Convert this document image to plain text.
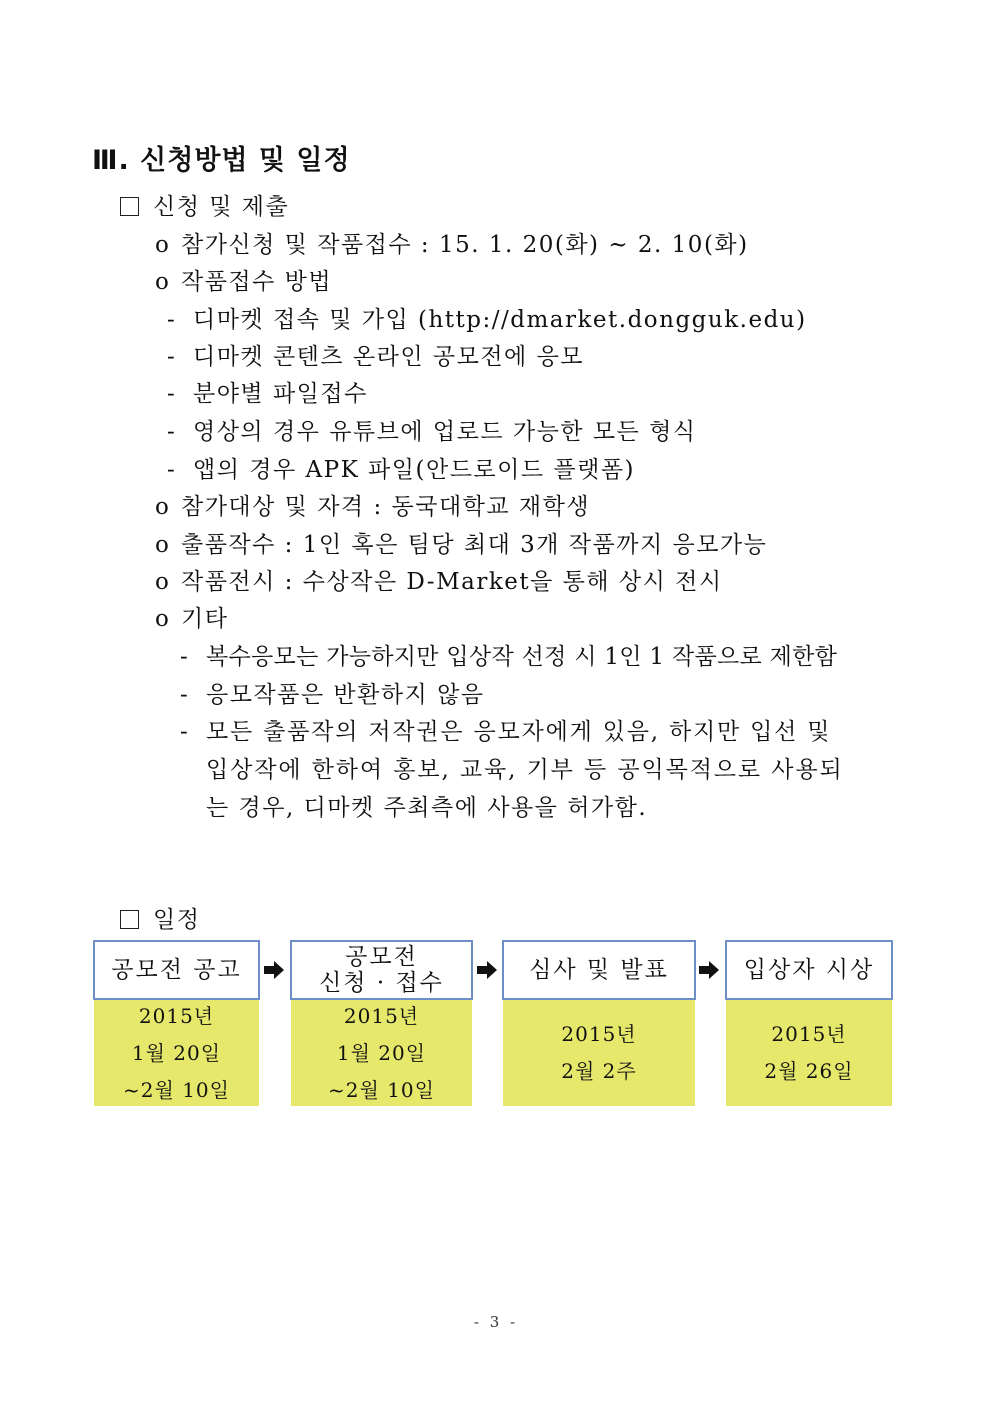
Ⅲ. 신청방법 및 일정
신청 및 제출
o 참가신청 및 작품접수 : 15. 1. 20(화) ~ 2. 10(화)
o 작품접수 방법
- 디마켓 접속 및 가입 (http://dmarket.dongguk.edu)
- 디마켓 콘텐츠 온라인 공모전에 응모
- 분야별 파일접수
- 영상의 경우 유튜브에 업로드 가능한 모든 형식
- 앱의 경우 APK 파일(안드로이드 플랫폼)
o 참가대상 및 자격 : 동국대학교 재학생
o 출품작수 : 1인 혹은 팀당 최대 3개 작품까지 응모가능
o 작품전시 : 수상작은 D-Market을 통해 상시 전시
o 기타
- 복수응모는 가능하지만 입상작 선정 시 1인 1 작품으로 제한함
- 응모작품은 반환하지 않음
- 모든 출품작의 저작권은 응모자에게 있음, 하지만 입선 및
입상작에 한하여 홍보, 교육, 기부 등 공익목적으로 사용되
는 경우, 디마켓 주최측에 사용을 허가함.
일정
공모전 공고
2015년
1월 20일
~2월 10일
공모전
신청 · 접수
2015년
1월 20일
~2월 10일
심사 및 발표
2015년
2월 2주
입상자 시상
2015년
2월 26일
- 3 -
